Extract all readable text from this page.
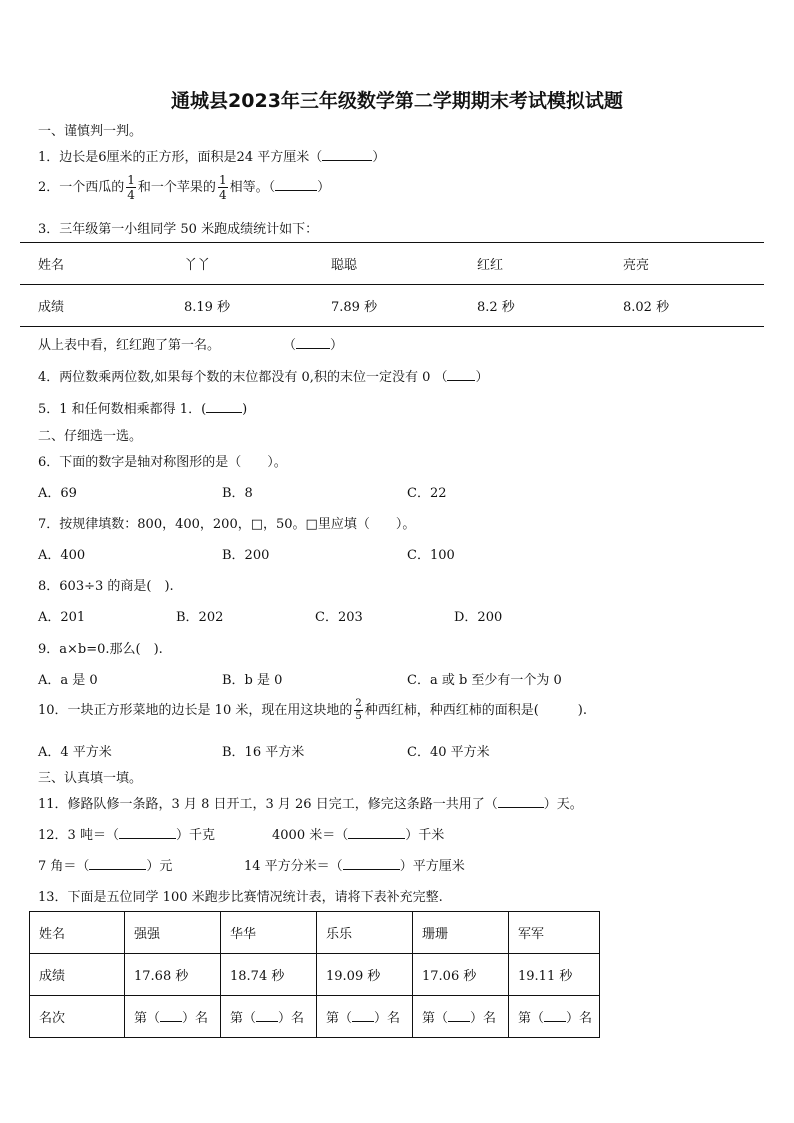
通城县2023年三年级数学第二学期期末考试模拟试题
一、谨慎判一判。
1．边长是6厘米的正方形，面积是24 平方厘米（	）
2．一个西瓜的 $\frac{1}{4}$ 和一个苹果的 $\frac{1}{4}$ 相等。（	）
3．三年级第一小组同学 50 米跑成绩统计如下：
姓名	丫丫	聪聪	红红	亮亮
成绩	8.19 秒	7.89 秒	8.2 秒	8.02 秒
从上表中看，红红跑了第一名。	（	）
4．两位数乘两位数,如果每个数的末位都没有 0,积的末位一定没有 0 （ ）
5．1 和任何数相乘都得 1．(	)
二、仔细选一选。
6．下面的数字是轴对称图形的是（　　）。
A．69	B．8	C．22
7．按规律填数：800，400，200，□，50。□里应填（　　）。
A．400	B．200	C．100
8．603÷3 的商是(　).
A．201	B．202	C．203	D．200
9．a×b=0.那么(　).
A．a 是 0	B．b 是 0	C．a 或 b 至少有一个为 0
10．一块正方形菜地的边长是 10 米，现在用这块地的 $\frac{2}{5}$ 种西红柿，种西红柿的面积是(　　　).
A．4 平方米	B．16 平方米	C．40 平方米
三、认真填一填。
11．修路队修一条路，3 月 8 日开工，3 月 26 日完工，修完这条路一共用了（	）天。
12．3 吨＝（	）千克	4000 米＝（	）千米
7 角＝（	）元	14 平方分米＝（	）平方厘米
13．下面是五位同学 100 米跑步比赛情况统计表，请将下表补充完整.
姓名	强强	华华	乐乐	珊珊	军军
成绩	17.68 秒	18.74 秒	19.09 秒	17.06 秒	19.11 秒
名次	第（ ）名	第（ ）名	第（ ）名	第（ ）名	第（ ）名
